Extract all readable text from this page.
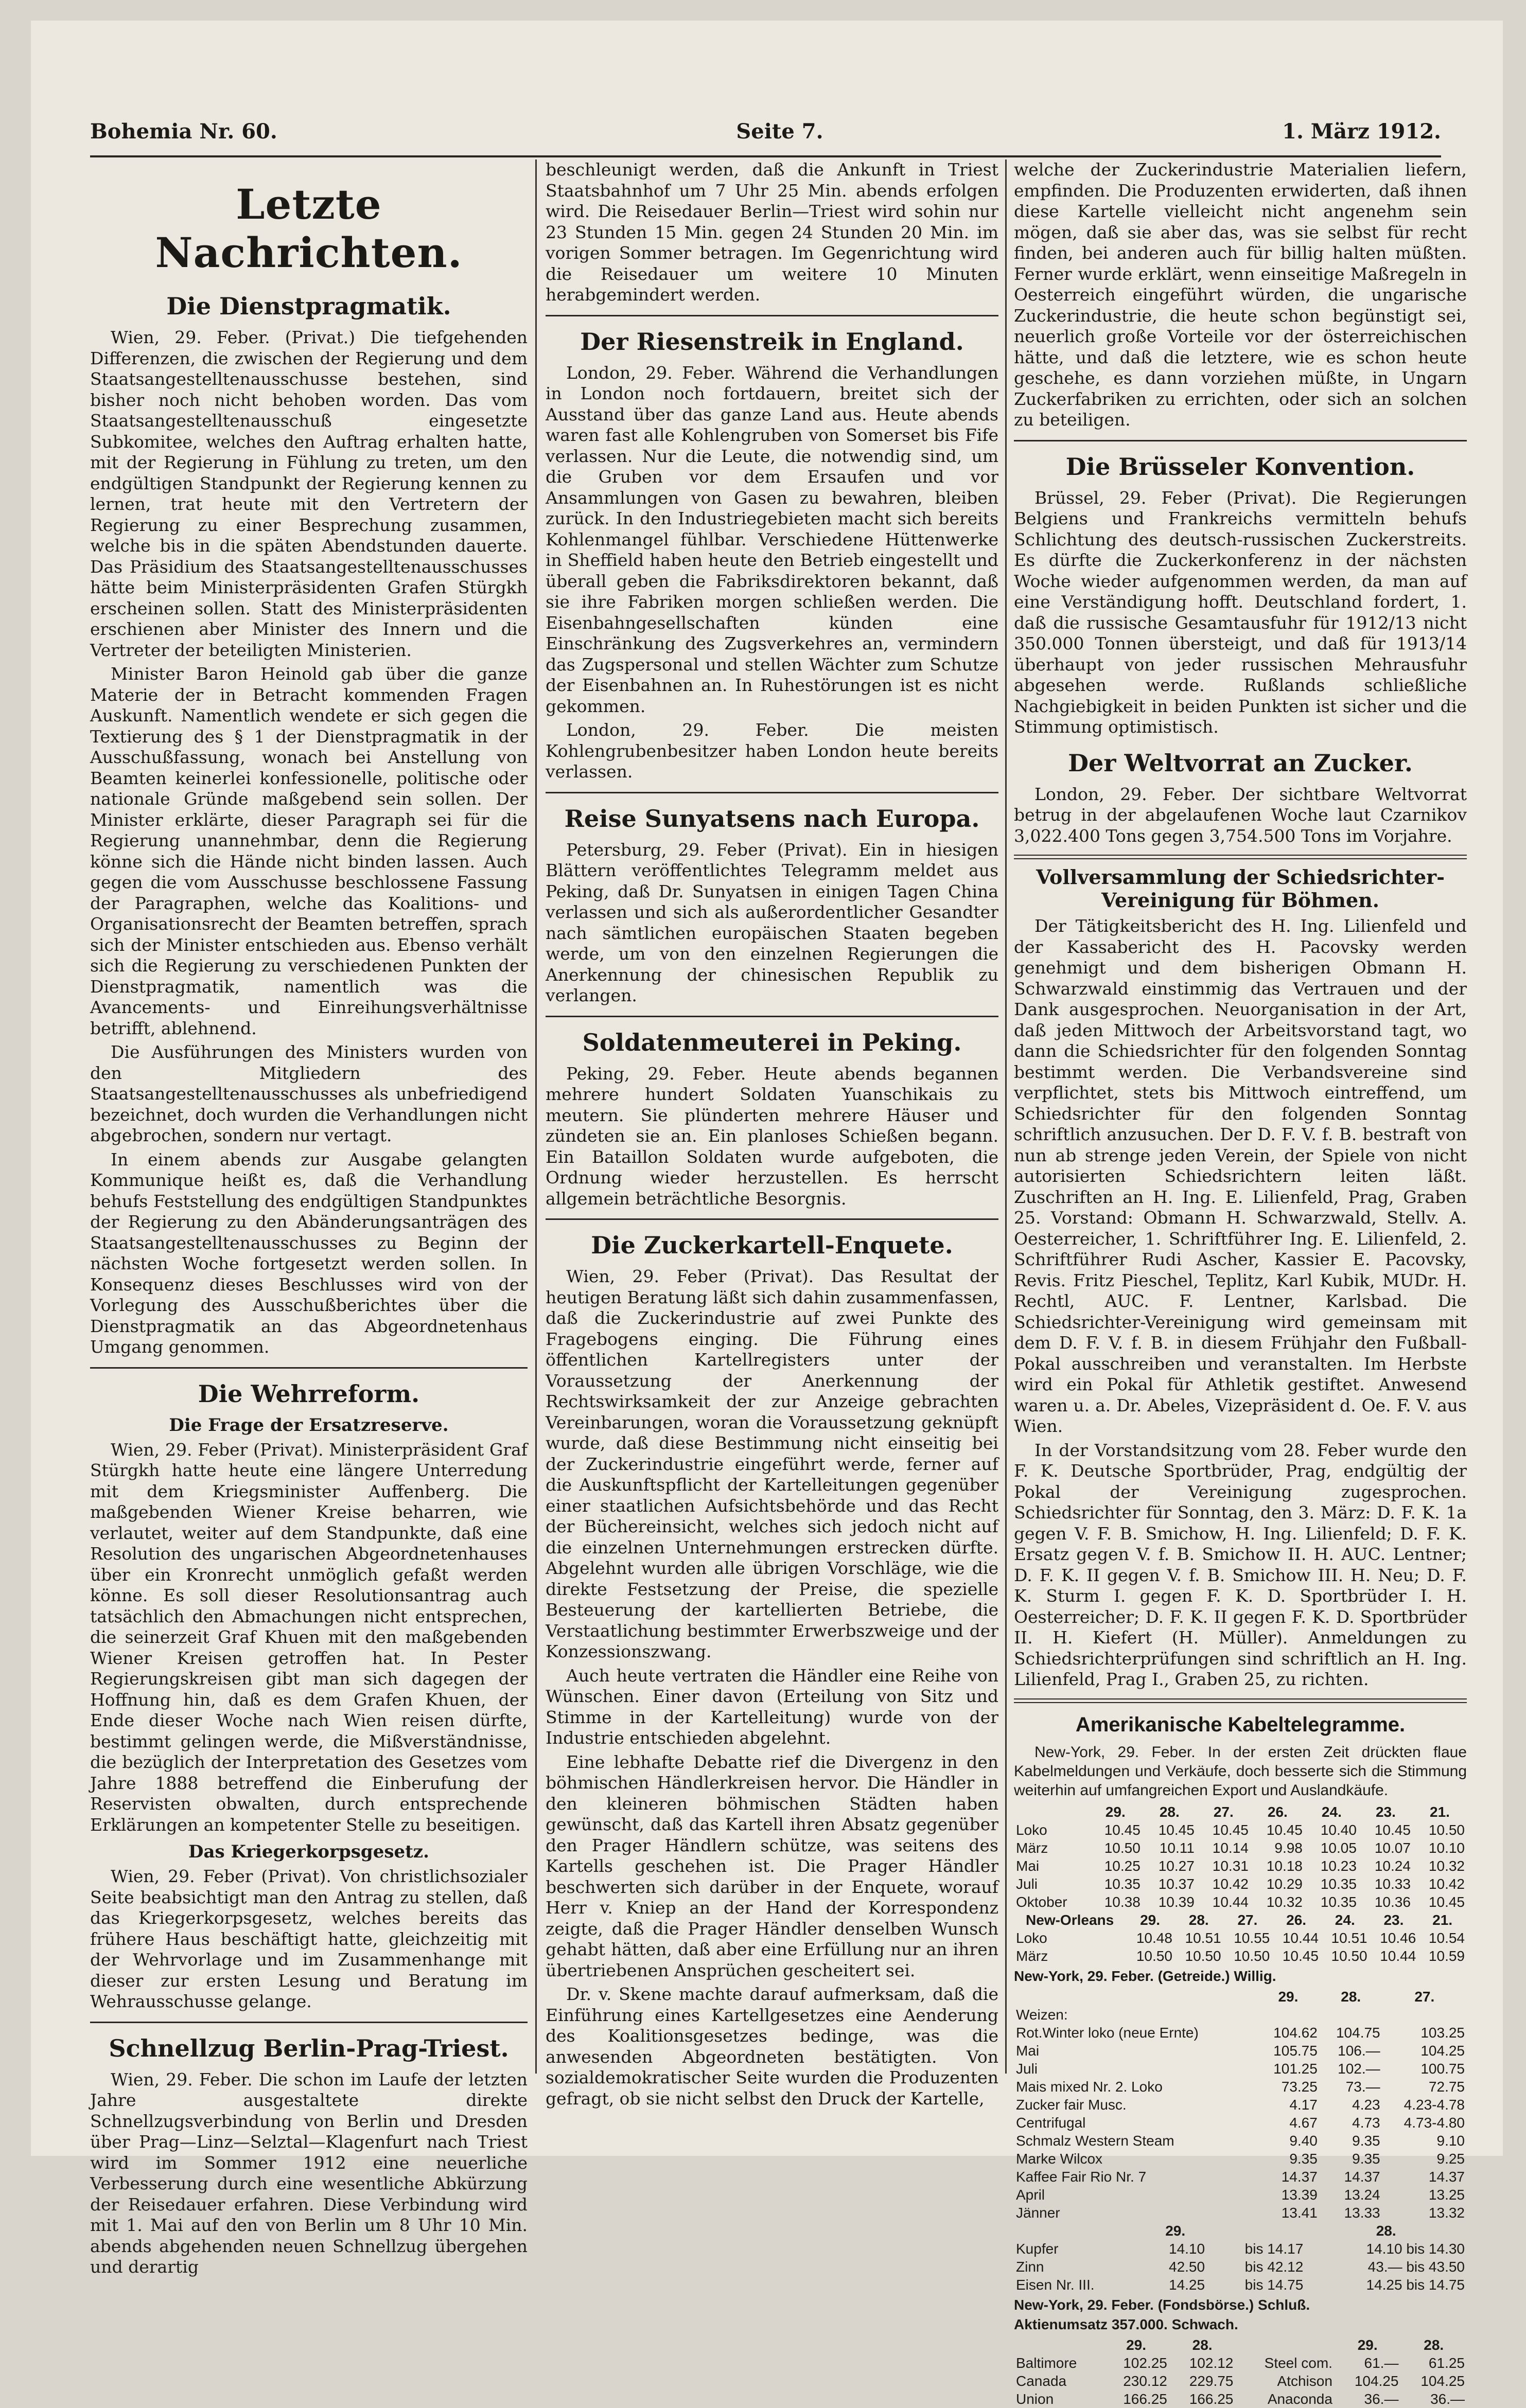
Bohemia Nr. 60.	Seite 7.	1. März 1912.
Letzte Nachrichten.
Die Dienstpragmatik.

Wien, 29. Feber. (Privat.) Die tiefgehenden Differenzen, die zwischen der Regierung und dem Staatsangestelltenausschusse bestehen, sind bisher noch nicht behoben worden. Das vom Staatsangestelltenausschuß eingesetzte Subkomitee, welches den Auftrag erhalten hatte, mit der Regierung in Fühlung zu treten, um den endgültigen Standpunkt der Regierung kennen zu lernen, trat heute mit den Vertretern der Regierung zu einer Besprechung zusammen, welche bis in die späten Abendstunden dauerte. Das Präsidium des Staatsangestelltenausschusses hätte beim Ministerpräsidenten Grafen Stürgkh erscheinen sollen. Statt des Ministerpräsidenten erschienen aber Minister des Innern und die Vertreter der beteiligten Ministerien.

Minister Baron Heinold gab über die ganze Materie der in Betracht kommenden Fragen Auskunft. Namentlich wendete er sich gegen die Textierung des § 1 der Dienstpragmatik in der Ausschußfassung, wonach bei Anstellung von Beamten keinerlei konfessionelle, politische oder nationale Gründe maßgebend sein sollen. Der Minister erklärte, dieser Paragraph sei für die Regierung unannehmbar, denn die Regierung könne sich die Hände nicht binden lassen. Auch gegen die vom Ausschusse beschlossene Fassung der Paragraphen, welche das Koalitions- und Organisationsrecht der Beamten betreffen, sprach sich der Minister entschieden aus. Ebenso verhält sich die Regierung zu verschiedenen Punkten der Dienstpragmatik, namentlich was die Avancements- und Einreihungsverhältnisse betrifft, ablehnend.

Die Ausführungen des Ministers wurden von den Mitgliedern des Staatsangestelltenausschusses als unbefriedigend bezeichnet, doch wurden die Verhandlungen nicht abgebrochen, sondern nur vertagt.

In einem abends zur Ausgabe gelangten Kommunique heißt es, daß die Verhandlung behufs Feststellung des endgültigen Standpunktes der Regierung zu den Abänderungsanträgen des Staatsangestelltenausschusses zu Beginn der nächsten Woche fortgesetzt werden sollen. In Konsequenz dieses Beschlusses wird von der Vorlegung des Ausschußberichtes über die Dienstpragmatik an das Abgeordnetenhaus Umgang genommen.

Die Wehrreform.
Die Frage der Ersatzreserve.

Wien, 29. Feber (Privat). Ministerpräsident Graf Stürgkh hatte heute eine längere Unterredung mit dem Kriegsminister Auffenberg. Die maßgebenden Wiener Kreise beharren, wie verlautet, weiter auf dem Standpunkte, daß eine Resolution des ungarischen Abgeordnetenhauses über ein Kronrecht unmöglich gefaßt werden könne. Es soll dieser Resolutionsantrag auch tatsächlich den Abmachungen nicht entsprechen, die seinerzeit Graf Khuen mit den maßgebenden Wiener Kreisen getroffen hat. In Pester Regierungskreisen gibt man sich dagegen der Hoffnung hin, daß es dem Grafen Khuen, der Ende dieser Woche nach Wien reisen dürfte, bestimmt gelingen werde, die Mißverständnisse, die bezüglich der Interpretation des Gesetzes vom Jahre 1888 betreffend die Einberufung der Reservisten obwalten, durch entsprechende Erklärungen an kompetenter Stelle zu beseitigen.

Das Kriegerkorpsgesetz.

Wien, 29. Feber (Privat). Von christlichsozialer Seite beabsichtigt man den Antrag zu stellen, daß das Kriegerkorpsgesetz, welches bereits das frühere Haus beschäftigt hatte, gleichzeitig mit der Wehrvorlage und im Zusammenhange mit dieser zur ersten Lesung und Beratung im Wehrausschusse gelange.

Schnellzug Berlin-Prag-Triest.

Wien, 29. Feber. Die schon im Laufe der letzten Jahre ausgestaltete direkte Schnellzugsverbindung von Berlin und Dresden über Prag—Linz—Selztal—Klagenfurt nach Triest wird im Sommer 1912 eine neuerliche Verbesserung durch eine wesentliche Abkürzung der Reisedauer erfahren. Diese Verbindung wird mit 1. Mai auf den von Berlin um 8 Uhr 10 Min. abends abgehenden neuen Schnellzug übergehen und derartig

beschleunigt werden, daß die Ankunft in Triest Staatsbahnhof um 7 Uhr 25 Min. abends erfolgen wird. Die Reisedauer Berlin—Triest wird sohin nur 23 Stunden 15 Min. gegen 24 Stunden 20 Min. im vorigen Sommer betragen. Im Gegenrichtung wird die Reisedauer um weitere 10 Minuten herabgemindert werden.

Der Riesenstreik in England.

London, 29. Feber. Während die Verhandlungen in London noch fortdauern, breitet sich der Ausstand über das ganze Land aus. Heute abends waren fast alle Kohlengruben von Somerset bis Fife verlassen. Nur die Leute, die notwendig sind, um die Gruben vor dem Ersaufen und vor Ansammlungen von Gasen zu bewahren, bleiben zurück. In den Industriegebieten macht sich bereits Kohlenmangel fühlbar. Verschiedene Hüttenwerke in Sheffield haben heute den Betrieb eingestellt und überall geben die Fabriksdirektoren bekannt, daß sie ihre Fabriken morgen schließen werden. Die Eisenbahngesellschaften künden eine Einschränkung des Zugsverkehres an, vermindern das Zugspersonal und stellen Wächter zum Schutze der Eisenbahnen an. In Ruhestörungen ist es nicht gekommen.

London, 29. Feber. Die meisten Kohlengrubenbesitzer haben London heute bereits verlassen.

Reise Sunyatsens nach Europa.

Petersburg, 29. Feber (Privat). Ein in hiesigen Blättern veröffentlichtes Telegramm meldet aus Peking, daß Dr. Sunyatsen in einigen Tagen China verlassen und sich als außerordentlicher Gesandter nach sämtlichen europäischen Staaten begeben werde, um von den einzelnen Regierungen die Anerkennung der chinesischen Republik zu verlangen.

Soldatenmeuterei in Peking.

Peking, 29. Feber. Heute abends begannen mehrere hundert Soldaten Yuanschikais zu meutern. Sie plünderten mehrere Häuser und zündeten sie an. Ein planloses Schießen begann. Ein Bataillon Soldaten wurde aufgeboten, die Ordnung wieder herzustellen. Es herrscht allgemein beträchtliche Besorgnis.

Die Zuckerkartell-Enquete.

Wien, 29. Feber (Privat). Das Resultat der heutigen Beratung läßt sich dahin zusammenfassen, daß die Zuckerindustrie auf zwei Punkte des Fragebogens einging. Die Führung eines öffentlichen Kartellregisters unter der Voraussetzung der Anerkennung der Rechtswirksamkeit der zur Anzeige gebrachten Vereinbarungen, woran die Voraussetzung geknüpft wurde, daß diese Bestimmung nicht einseitig bei der Zuckerindustrie eingeführt werde, ferner auf die Auskunftspflicht der Kartelleitungen gegenüber einer staatlichen Aufsichtsbehörde und das Recht der Büchereinsicht, welches sich jedoch nicht auf die einzelnen Unternehmungen erstrecken dürfte. Abgelehnt wurden alle übrigen Vorschläge, wie die direkte Festsetzung der Preise, die spezielle Besteuerung der kartellierten Betriebe, die Verstaatlichung bestimmter Erwerbszweige und der Konzessionszwang.

Auch heute vertraten die Händler eine Reihe von Wünschen. Einer davon (Erteilung von Sitz und Stimme in der Kartelleitung) wurde von der Industrie entschieden abgelehnt.

Eine lebhafte Debatte rief die Divergenz in den böhmischen Händlerkreisen hervor. Die Händler in den kleineren böhmischen Städten haben gewünscht, daß das Kartell ihren Absatz gegenüber den Prager Händlern schütze, was seitens des Kartells geschehen ist. Die Prager Händler beschwerten sich darüber in der Enquete, worauf Herr v. Kniep an der Hand der Korrespondenz zeigte, daß die Prager Händler denselben Wunsch gehabt hätten, daß aber eine Erfüllung nur an ihren übertriebenen Ansprüchen gescheitert sei.

Dr. v. Skene machte darauf aufmerksam, daß die Einführung eines Kartellgesetzes eine Aenderung des Koalitionsgesetzes bedinge, was die anwesenden Abgeordneten bestätigten. Von sozialdemokratischer Seite wurden die Produzenten gefragt, ob sie nicht selbst den Druck der Kartelle,

welche der Zuckerindustrie Materialien liefern, empfinden. Die Produzenten erwiderten, daß ihnen diese Kartelle vielleicht nicht angenehm sein mögen, daß sie aber das, was sie selbst für recht finden, bei anderen auch für billig halten müßten. Ferner wurde erklärt, wenn einseitige Maßregeln in Oesterreich eingeführt würden, die ungarische Zuckerindustrie, die heute schon begünstigt sei, neuerlich große Vorteile vor der österreichischen hätte, und daß die letztere, wie es schon heute geschehe, es dann vorziehen müßte, in Ungarn Zuckerfabriken zu errichten, oder sich an solchen zu beteiligen.

Die Brüsseler Konvention.

Brüssel, 29. Feber (Privat). Die Regierungen Belgiens und Frankreichs vermitteln behufs Schlichtung des deutsch-russischen Zuckerstreits. Es dürfte die Zuckerkonferenz in der nächsten Woche wieder aufgenommen werden, da man auf eine Verständigung hofft. Deutschland fordert, 1. daß die russische Gesamtausfuhr für 1912/13 nicht 350.000 Tonnen übersteigt, und daß für 1913/14 überhaupt von jeder russischen Mehrausfuhr abgesehen werde. Rußlands schließliche Nachgiebigkeit in beiden Punkten ist sicher und die Stimmung optimistisch.

Der Weltvorrat an Zucker.

London, 29. Feber. Der sichtbare Weltvorrat betrug in der abgelaufenen Woche laut Czarnikov 3,022.400 Tons gegen 3,754.500 Tons im Vorjahre.

Vollversammlung der Schiedsrichter-Vereinigung für Böhmen.

Der Tätigkeitsbericht des H. Ing. Lilienfeld und der Kassabericht des H. Pacovsky werden genehmigt und dem bisherigen Obmann H. Schwarzwald einstimmig das Vertrauen und der Dank ausgesprochen. Neuorganisation in der Art, daß jeden Mittwoch der Arbeitsvorstand tagt, wo dann die Schiedsrichter für den folgenden Sonntag bestimmt werden. Die Verbandsvereine sind verpflichtet, stets bis Mittwoch eintreffend, um Schiedsrichter für den folgenden Sonntag schriftlich anzusuchen. Der D. F. V. f. B. bestraft von nun ab strenge jeden Verein, der Spiele von nicht autorisierten Schiedsrichtern leiten läßt. Zuschriften an H. Ing. E. Lilienfeld, Prag, Graben 25. Vorstand: Obmann H. Schwarzwald, Stellv. A. Oesterreicher, 1. Schriftführer Ing. E. Lilienfeld, 2. Schriftführer Rudi Ascher, Kassier E. Pacovsky, Revis. Fritz Pieschel, Teplitz, Karl Kubik, MUDr. H. Rechtl, AUC. F. Lentner, Karlsbad. Die Schiedsrichter-Vereinigung wird gemeinsam mit dem D. F. V. f. B. in diesem Frühjahr den Fußball-Pokal ausschreiben und veranstalten. Im Herbste wird ein Pokal für Athletik gestiftet. Anwesend waren u. a. Dr. Abeles, Vizepräsident d. Oe. F. V. aus Wien.

In der Vorstandsitzung vom 28. Feber wurde den F. K. Deutsche Sportbrüder, Prag, endgültig der Pokal der Vereinigung zugesprochen. Schiedsrichter für Sonntag, den 3. März: D. F. K. 1a gegen V. F. B. Smichow, H. Ing. Lilienfeld; D. F. K. Ersatz gegen V. f. B. Smichow II. H. AUC. Lentner; D. F. K. II gegen V. f. B. Smichow III. H. Neu; D. F. K. Sturm I. gegen F. K. D. Sportbrüder I. H. Oesterreicher; D. F. K. II gegen F. K. D. Sportbrüder II. H. Kiefert (H. Müller). Anmeldungen zu Schiedsrichterprüfungen sind schriftlich an H. Ing. Lilienfeld, Prag I., Graben 25, zu richten.

Amerikanische Kabeltelegramme.

New-York, 29. Feber. In der ersten Zeit drückten flaue Kabelmeldungen und Verkäufe, doch besserte sich die Stimmung weiterhin auf umfangreichen Export und Auslandkäufe.

	29.	28.	27.	26.	24.	23.	21.
Loko	10.45	10.45	10.45	10.45	10.40	10.45	10.50
März	10.50	10.11	10.14	9.98	10.05	10.07	10.10
Mai	10.25	10.27	10.31	10.18	10.23	10.24	10.32
Juli	10.35	10.37	10.42	10.29	10.35	10.33	10.42
Oktober	10.38	10.39	10.44	10.32	10.35	10.36	10.45
New-Orleans	29.	28.	27.	26.	24.	23.	21.
Loko	10.48	10.51	10.55	10.44	10.51	10.46	10.54
März	10.50	10.50	10.50	10.45	10.50	10.44	10.59
New-York, 29. Feber. (Getreide.) Willig.
	29.	28.	27.
Weizen:			
Rot.Winter loko (neue Ernte)	104.62	104.75	103.25
Mai	105.75	106.—	104.25
Juli	101.25	102.—	100.75
Mais mixed Nr. 2. Loko	73.25	73.—	72.75
Zucker fair Musc.	4.17	4.23	4.23-4.78
Centrifugal	4.67	4.73	4.73-4.80
Schmalz Western Steam	9.40	9.35	9.10
Marke Wilcox	9.35	9.35	9.25
Kaffee Fair Rio Nr. 7	14.37	14.37	14.37
April	13.39	13.24	13.25
Jänner	13.41	13.33	13.32
	29.		28.
Kupfer	14.10	bis 14.17	14.10 bis 14.30
Zinn	42.50	bis 42.12	43.— bis 43.50
Eisen Nr. III.	14.25	bis 14.75	14.25 bis 14.75
New-York, 29. Feber. (Fondsbörse.) Schluß.
Aktienumsatz 357.000. Schwach.
	29.	28.		29.	28.
Baltimore	102.25	102.12	Steel com.	61.—	61.25
Canada	230.12	229.75	Atchison	104.25	104.25
Union	166.25	166.25	Anaconda	36.—	36.—
